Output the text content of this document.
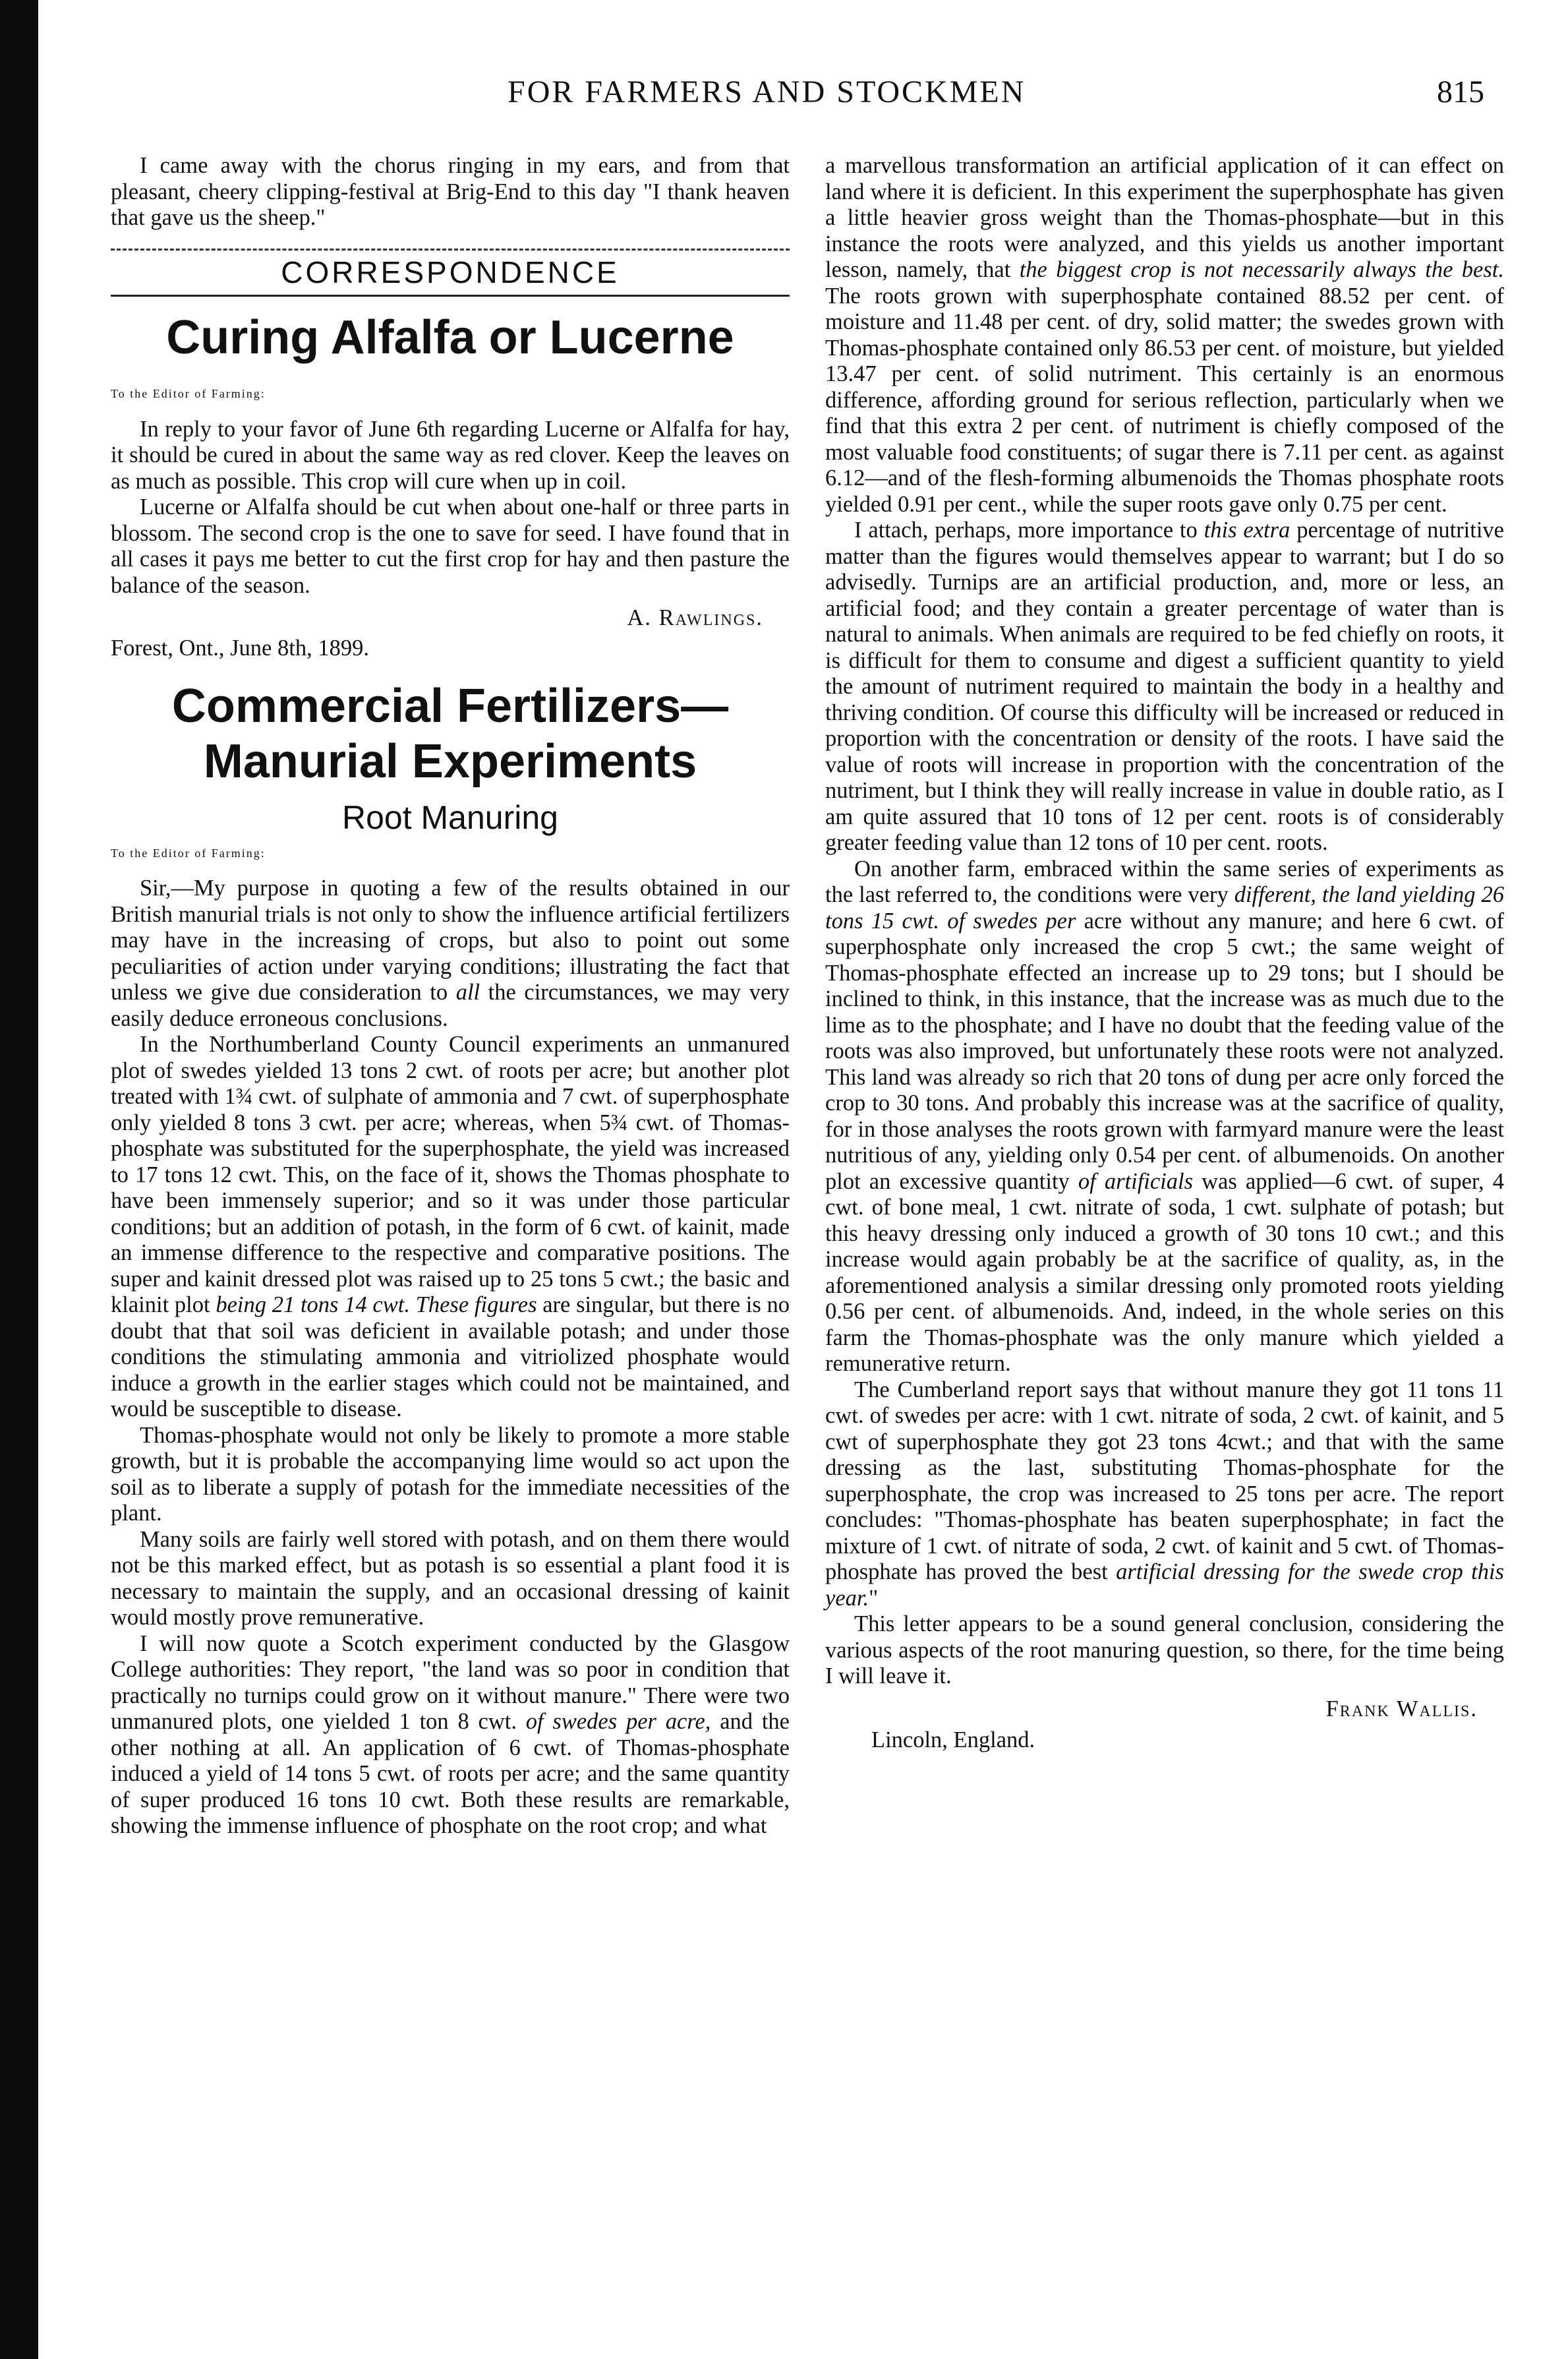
FOR FARMERS AND STOCKMEN	815

I came away with the chorus ringing in my ears, and from that pleasant, cheery clipping-festival at Brig-End to this day "I thank heaven that gave us the sheep."

CORRESPONDENCE
Curing Alfalfa or Lucerne
To the Editor of Farming:

In reply to your favor of June 6th regarding Lucerne or Alfalfa for hay, it should be cured in about the same way as red clover. Keep the leaves on as much as possible. This crop will cure when up in coil.

Lucerne or Alfalfa should be cut when about one-half or three parts in blossom. The second crop is the one to save for seed. I have found that in all cases it pays me better to cut the first crop for hay and then pasture the balance of the season.

A. Rawlings.

Forest, Ont., June 8th, 1899.

Commercial Fertilizers—Manurial Experiments
Root Manuring
To the Editor of Farming:

Sir,—My purpose in quoting a few of the results obtained in our British manurial trials is not only to show the influence artificial fertilizers may have in the increasing of crops, but also to point out some peculiarities of action under varying conditions; illustrating the fact that unless we give due consideration to all the circumstances, we may very easily deduce erroneous conclusions.

In the Northumberland County Council experiments an unmanured plot of swedes yielded 13 tons 2 cwt. of roots per acre; but another plot treated with 1¾ cwt. of sulphate of ammonia and 7 cwt. of superphosphate only yielded 8 tons 3 cwt. per acre; whereas, when 5¾ cwt. of Thomas-phosphate was substituted for the superphosphate, the yield was increased to 17 tons 12 cwt. This, on the face of it, shows the Thomas phosphate to have been immensely superior; and so it was under those particular conditions; but an addition of potash, in the form of 6 cwt. of kainit, made an immense difference to the respective and comparative positions. The super and kainit dressed plot was raised up to 25 tons 5 cwt.; the basic and klainit plot being 21 tons 14 cwt. These figures are singular, but there is no doubt that that soil was deficient in available potash; and under those conditions the stimulating ammonia and vitriolized phosphate would induce a growth in the earlier stages which could not be maintained, and would be susceptible to disease.

Thomas-phosphate would not only be likely to promote a more stable growth, but it is probable the accompanying lime would so act upon the soil as to liberate a supply of potash for the immediate necessities of the plant.

Many soils are fairly well stored with potash, and on them there would not be this marked effect, but as potash is so essential a plant food it is necessary to maintain the supply, and an occasional dressing of kainit would mostly prove remunerative.

I will now quote a Scotch experiment conducted by the Glasgow College authorities: They report, "the land was so poor in condition that practically no turnips could grow on it without manure." There were two unmanured plots, one yielded 1 ton 8 cwt. of swedes per acre, and the other nothing at all. An application of 6 cwt. of Thomas-phosphate induced a yield of 14 tons 5 cwt. of roots per acre; and the same quantity of super produced 16 tons 10 cwt. Both these results are remarkable, showing the immense influence of phosphate on the root crop; and what

a marvellous transformation an artificial application of it can effect on land where it is deficient. In this experiment the superphosphate has given a little heavier gross weight than the Thomas-phosphate—but in this instance the roots were analyzed, and this yields us another important lesson, namely, that the biggest crop is not necessarily always the best. The roots grown with superphosphate contained 88.52 per cent. of moisture and 11.48 per cent. of dry, solid matter; the swedes grown with Thomas-phosphate contained only 86.53 per cent. of moisture, but yielded 13.47 per cent. of solid nutriment. This certainly is an enormous difference, affording ground for serious reflection, particularly when we find that this extra 2 per cent. of nutriment is chiefly composed of the most valuable food constituents; of sugar there is 7.11 per cent. as against 6.12—and of the flesh-forming albumenoids the Thomas phosphate roots yielded 0.91 per cent., while the super roots gave only 0.75 per cent.

I attach, perhaps, more importance to this extra percentage of nutritive matter than the figures would themselves appear to warrant; but I do so advisedly. Turnips are an artificial production, and, more or less, an artificial food; and they contain a greater percentage of water than is natural to animals. When animals are required to be fed chiefly on roots, it is difficult for them to consume and digest a sufficient quantity to yield the amount of nutriment required to maintain the body in a healthy and thriving condition. Of course this difficulty will be increased or reduced in proportion with the concentration or density of the roots. I have said the value of roots will increase in proportion with the concentration of the nutriment, but I think they will really increase in value in double ratio, as I am quite assured that 10 tons of 12 per cent. roots is of considerably greater feeding value than 12 tons of 10 per cent. roots.

On another farm, embraced within the same series of experiments as the last referred to, the conditions were very different, the land yielding 26 tons 15 cwt. of swedes per acre without any manure; and here 6 cwt. of superphosphate only increased the crop 5 cwt.; the same weight of Thomas-phosphate effected an increase up to 29 tons; but I should be inclined to think, in this instance, that the increase was as much due to the lime as to the phosphate; and I have no doubt that the feeding value of the roots was also improved, but unfortunately these roots were not analyzed. This land was already so rich that 20 tons of dung per acre only forced the crop to 30 tons. And probably this increase was at the sacrifice of quality, for in those analyses the roots grown with farmyard manure were the least nutritious of any, yielding only 0.54 per cent. of albumenoids. On another plot an excessive quantity of artificials was applied—6 cwt. of super, 4 cwt. of bone meal, 1 cwt. nitrate of soda, 1 cwt. sulphate of potash; but this heavy dressing only induced a growth of 30 tons 10 cwt.; and this increase would again probably be at the sacrifice of quality, as, in the aforementioned analysis a similar dressing only promoted roots yielding 0.56 per cent. of albumenoids. And, indeed, in the whole series on this farm the Thomas-phosphate was the only manure which yielded a remunerative return.

The Cumberland report says that without manure they got 11 tons 11 cwt. of swedes per acre: with 1 cwt. nitrate of soda, 2 cwt. of kainit, and 5 cwt of superphosphate they got 23 tons 4cwt.; and that with the same dressing as the last, substituting Thomas-phosphate for the superphosphate, the crop was increased to 25 tons per acre. The report concludes: "Thomas-phosphate has beaten superphosphate; in fact the mixture of 1 cwt. of nitrate of soda, 2 cwt. of kainit and 5 cwt. of Thomas-phosphate has proved the best artificial dressing for the swede crop this year."

This letter appears to be a sound general conclusion, considering the various aspects of the root manuring question, so there, for the time being I will leave it.

Frank Wallis.

Lincoln, England.
